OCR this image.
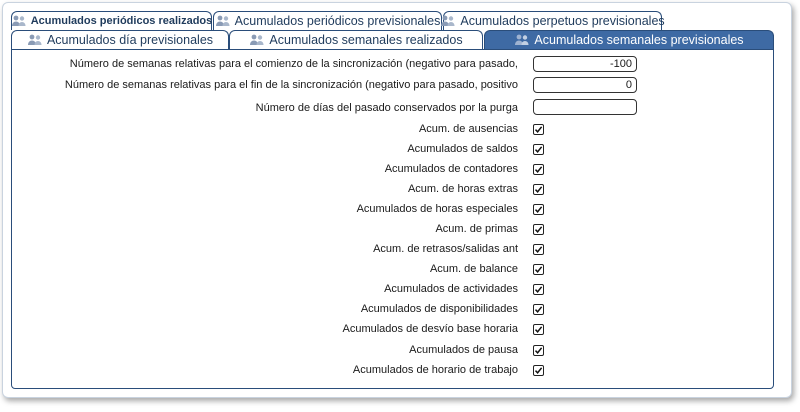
Acumulados periódicos realizados Acumulados periódicos previsionales Acumulados perpetuos previsionales
Acumulados día previsionales	Acumulados semanales realizados	Acumulados semanales previsionales
Número de semanas relativas para el comienzo de la sincronización (negativo para pasado,
-100
Número de semanas relativas para el fin de la sincronización (negativo para pasado, positivo
0
Número de días del pasado conservados por la purga
Acum. de ausencias
Acumulados de saldos
Acumulados de contadores
Acum. de horas extras
Acumulados de horas especiales
Acum. de primas
Acum. de retrasos/salidas ant
Acum. de balance
Acumulados de actividades
Acumulados de disponibilidades
Acumulados de desvío base horaria
Acumulados de pausa
Acumulados de horario de trabajo
